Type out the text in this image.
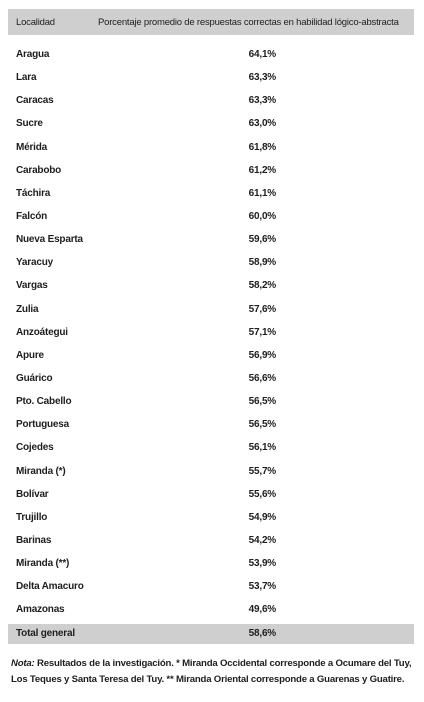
Localidad	Porcentaje promedio de respuestas correctas en habilidad lógico-abstracta
Aragua	64,1%
Lara	63,3%
Caracas	63,3%
Sucre	63,0%
Mérida	61,8%
Carabobo	61,2%
Táchira	61,1%
Falcón	60,0%
Nueva Esparta	59,6%
Yaracuy	58,9%
Vargas	58,2%
Zulia	57,6%
Anzoátegui	57,1%
Apure	56,9%
Guárico	56,6%
Pto. Cabello	56,5%
Portuguesa	56,5%
Cojedes	56,1%
Miranda (*)	55,7%
Bolívar	55,6%
Trujillo	54,9%
Barinas	54,2%
Miranda (**)	53,9%
Delta Amacuro	53,7%
Amazonas	49,6%
Total general	58,6%
Nota: Resultados de la investigación. * Miranda Occidental corresponde a Ocumare del Tuy, Los Teques y Santa Teresa del Tuy. ** Miranda Oriental corresponde a Guarenas y Guatire.
